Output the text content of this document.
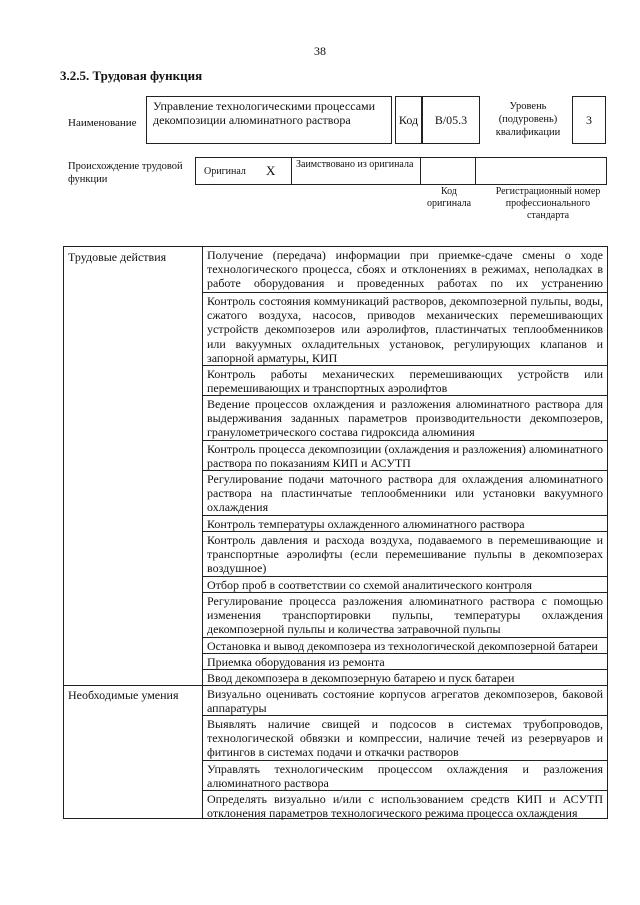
38
3.2.5. Трудовая функция
Наименование
Управление технологическими процессами декомпозиции алюминатного раствора	Код	B/05.3
Уровень (подуровень) квалификации
3
Происхождение трудовой функции
Оригинал X Заимствовано из оригинала
Код оригинала
Регистрационный номер профессионального стандарта
Трудовые действия
Необходимые умения
Получение (передача) информации при приемке-сдаче смены о ходе технологического процесса, сбоях и отклонениях в режимах, неполадках в работе оборудования и проведенных работах по их устранению
Контроль состояния коммуникаций растворов, декомпозерной пульпы, воды, сжатого воздуха, насосов, приводов механических перемешивающих устройств декомпозеров или аэролифтов, пластинчатых теплообменников или вакуумных охладительных установок, регулирующих клапанов и запорной арматуры, КИП
Контроль работы механических перемешивающих устройств или перемешивающих и транспортных аэролифтов
Ведение процессов охлаждения и разложения алюминатного раствора для выдерживания заданных параметров производительности декомпозеров, гранулометрического состава гидроксида алюминия
Контроль процесса декомпозиции (охлаждения и разложения) алюминатного раствора по показаниям КИП и АСУТП
Регулирование подачи маточного раствора для охлаждения алюминатного раствора на пластинчатые теплообменники или установки вакуумного охлаждения
Контроль температуры охлажденного алюминатного раствора
Контроль давления и расхода воздуха, подаваемого в перемешивающие и транспортные аэролифты (если перемешивание пульпы в декомпозерах воздушное)
Отбор проб в соответствии со схемой аналитического контроля
Регулирование процесса разложения алюминатного раствора с помощью изменения транспортировки пульпы, температуры охлаждения декомпозерной пульпы и количества затравочной пульпы
Остановка и вывод декомпозера из технологической декомпозерной батареи
Приемка оборудования из ремонта
Ввод декомпозера в декомпозерную батарею и пуск батареи
Визуально оценивать состояние корпусов агрегатов декомпозеров, баковой аппаратуры
Выявлять наличие свищей и подсосов в системах трубопроводов, технологической обвязки и компрессии, наличие течей из резервуаров и фитингов в системах подачи и откачки растворов
Управлять технологическим процессом охлаждения и разложения алюминатного раствора
Определять визуально и/или с использованием средств КИП и АСУТП отклонения параметров технологического режима процесса охлаждения
